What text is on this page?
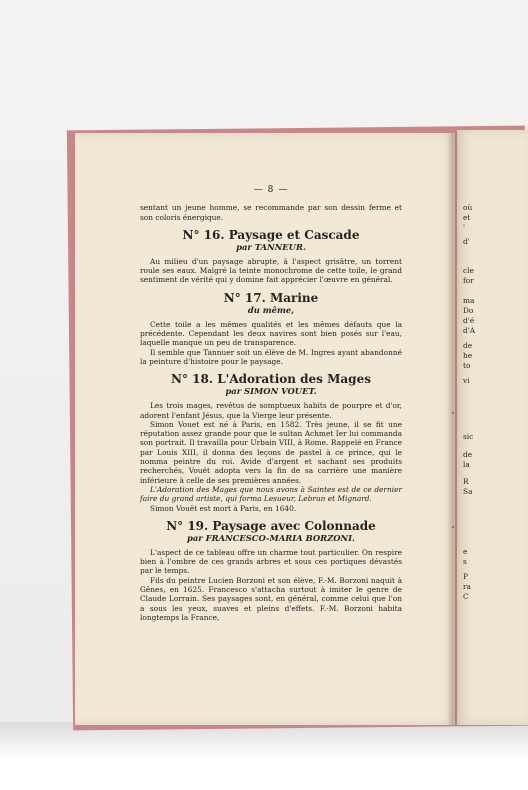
où
et
'
d'
cle
for
ma
Do
d'é
d'A
de
he
to
vi
sic
de
la
R
Sa
e
s
P
ra
C
— 8 —

sentant un jeune homme, se recommande par son dessin ferme et son coloris énergique.

N° 16. Paysage et Cascade
par TANNEUR.

Au milieu d'un paysage abrupte, à l'aspect grisâtre, un torrent roule ses eaux. Malgré la teinte monochrome de cette toile, le grand sentiment de vérité qui y domine fait apprécier l'œuvre en général.

N° 17. Marine
du même,

Cette toile a les mêmes qualités et les mêmes défauts que la précédente. Cependant les deux navires sont bien posés sur l'eau, laquelle manque un peu de transparence.

Il semble que Tannuer soit un élève de M. Ingres ayant abandonné la peinture d'histoire pour le paysage.

N° 18. L'Adoration des Mages
par SIMON VOUET.

Les trois mages, revêtus de somptueux habits de pourpre et d'or, adorent l'enfant Jésus, que la Vierge leur présente.

Simon Vouet est né à Paris, en 1582. Très jeune, il se fit une réputation assez grande pour que le sultan Achmet Ier lui commanda son portrait. Il travailla pour Urbain VIII, à Rome. Rappelé en France par Louis XIII, il donna des leçons de pastel à ce prince, qui le nomma peintre du roi. Avide d'argent et sachant ses produits recherchés, Vouët adopta vers la fin de sa carrière une manière inférieure à celle de ses premières années.

L'Adoration des Mages que nous avons à Saintes est de ce dernier faire du grand artiste, qui forma Lesueur, Lebrun et Mignard.

Simon Vouët est mort à Paris, en 1640.

N° 19. Paysage avec Colonnade
par FRANCESCO-MARIA BORZONI.

L'aspect de ce tableau offre un charme tout particulier. On respire bien à l'ombre de ces grands arbres et sous ces portiques dévastés par le temps.

Fils du peintre Lucien Borzoni et son élève, F.-M. Borzoni naquit à Gênes, en 1625. Francesco s'attacha surtout à imiter le genre de Claude Lorrain. Ses paysages sont, en général, comme celui que l'on a sous les yeux, suaves et pleins d'effets. F.-M. Borzoni habita longtemps la France,
